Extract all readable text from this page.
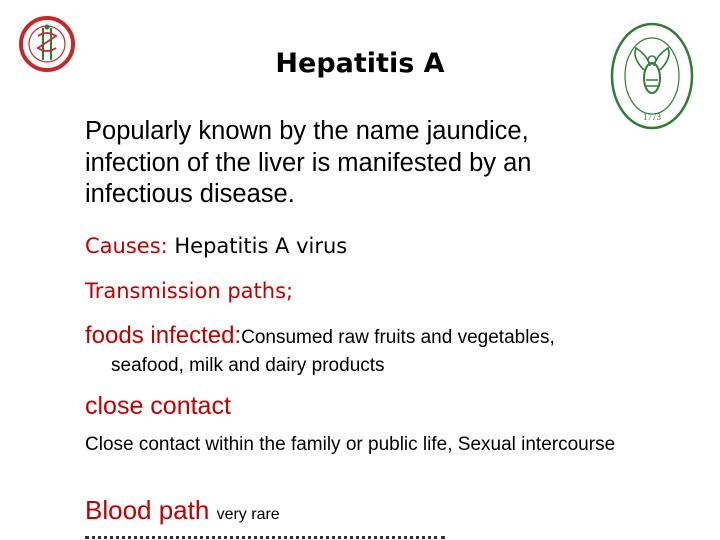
1773
Hepatitis A
Popularly known by the name jaundice, infection of the liver is manifested by an infectious disease.
Causes: Hepatitis A virus
Transmission paths;
foods infected:Consumed raw fruits and vegetables,
seafood, milk and dairy products
close contact
Close contact within the family or public life, Sexual intercourse
Blood path very rare
